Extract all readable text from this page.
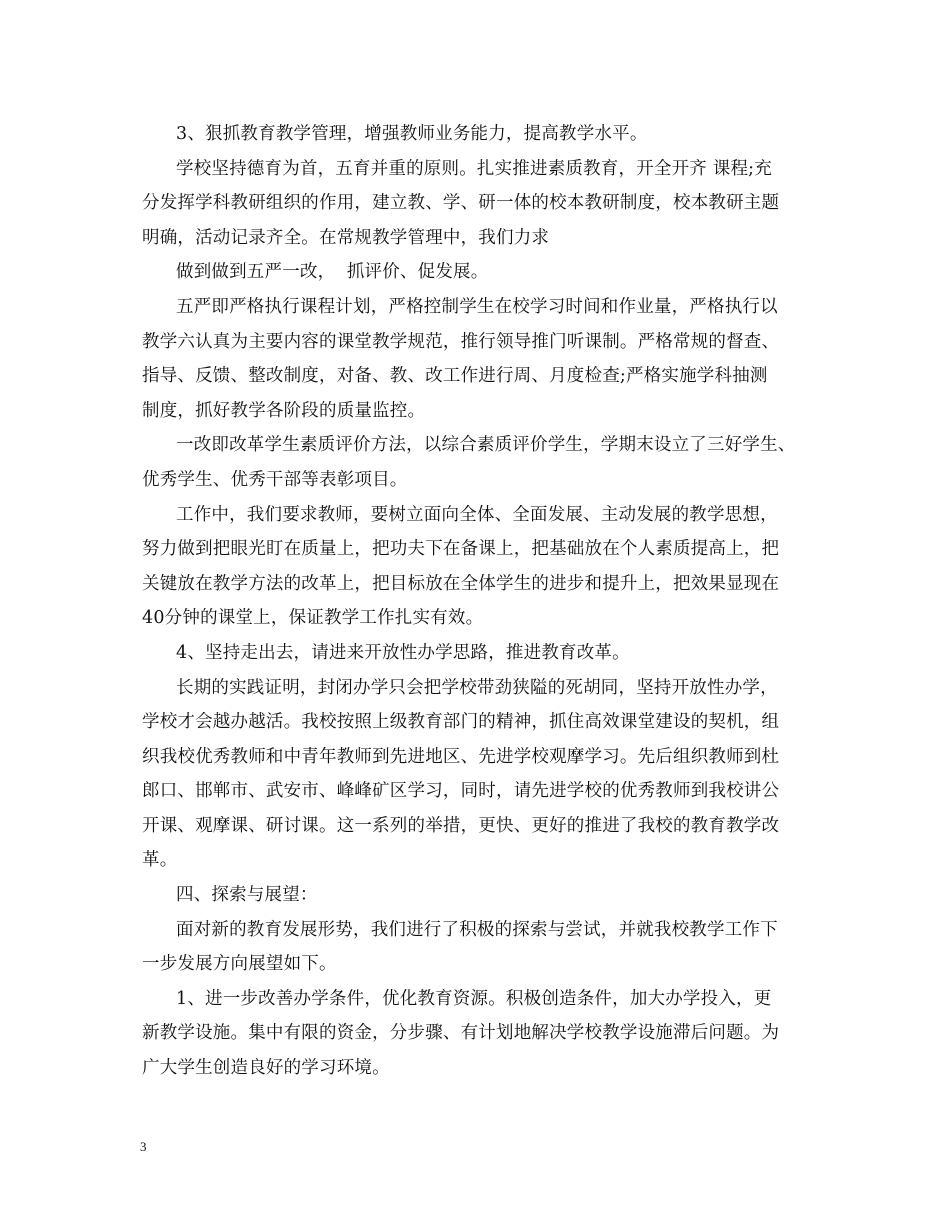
3、狠抓教育教学管理，增强教师业务能力，提高教学水平。
学校坚持德育为首，五育并重的原则。扎实推进素质教育，开全开齐 课程;充
分发挥学科教研组织的作用，建立教、学、研一体的校本教研制度，校本教研主题
明确，活动记录齐全。在常规教学管理中，我们力求
做到做到五严一改，  抓评价、促发展。
五严即严格执行课程计划，严格控制学生在校学习时间和作业量，严格执行以
教学六认真为主要内容的课堂教学规范，推行领导推门听课制。严格常规的督查、
指导、反馈、整改制度，对备、教、改工作进行周、月度检查;严格实施学科抽测
制度，抓好教学各阶段的质量监控。
一改即改革学生素质评价方法，以综合素质评价学生，学期末设立了三好学生、
优秀学生、优秀干部等表彰项目。
工作中，我们要求教师，要树立面向全体、全面发展、主动发展的教学思想，
努力做到把眼光盯在质量上，把功夫下在备课上，把基础放在个人素质提高上，把
关键放在教学方法的改革上，把目标放在全体学生的进步和提升上，把效果显现在
40分钟的课堂上，保证教学工作扎实有效。
4、坚持走出去，请进来开放性办学思路，推进教育改革。
长期的实践证明，封闭办学只会把学校带劲狭隘的死胡同，坚持开放性办学，
学校才会越办越活。我校按照上级教育部门的精神，抓住高效课堂建设的契机，组
织我校优秀教师和中青年教师到先进地区、先进学校观摩学习。先后组织教师到杜
郎口、邯郸市、武安市、峰峰矿区学习，同时，请先进学校的优秀教师到我校讲公
开课、观摩课、研讨课。这一系列的举措，更快、更好的推进了我校的教育教学改
革。
四、探索与展望：
面对新的教育发展形势，我们进行了积极的探索与尝试，并就我校教学工作下
一步发展方向展望如下。
1、进一步改善办学条件，优化教育资源。积极创造条件，加大办学投入，更
新教学设施。集中有限的资金，分步骤、有计划地解决学校教学设施滞后问题。为
广大学生创造良好的学习环境。
3
